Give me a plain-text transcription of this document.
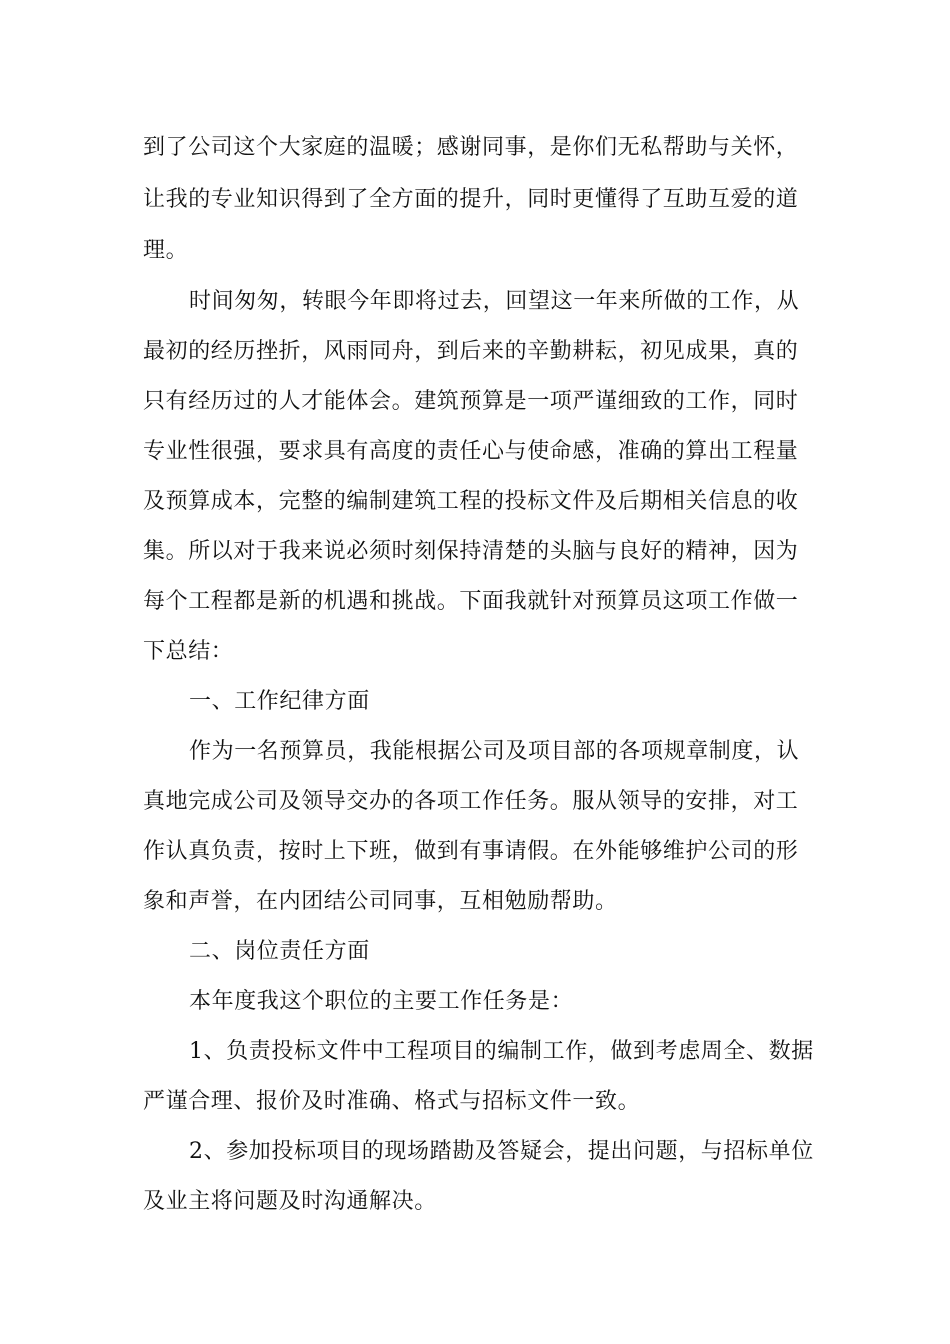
到了公司这个大家庭的温暖；感谢同事，是你们无私帮助与关怀，
让我的专业知识得到了全方面的提升，同时更懂得了互助互爱的道
理。
时间匆匆，转眼今年即将过去，回望这一年来所做的工作，从
最初的经历挫折，风雨同舟，到后来的辛勤耕耘，初见成果，真的
只有经历过的人才能体会。建筑预算是一项严谨细致的工作，同时
专业性很强，要求具有高度的责任心与使命感，准确的算出工程量
及预算成本，完整的编制建筑工程的投标文件及后期相关信息的收
集。所以对于我来说必须时刻保持清楚的头脑与良好的精神，因为
每个工程都是新的机遇和挑战。下面我就针对预算员这项工作做一
下总结：
一、工作纪律方面
作为一名预算员，我能根据公司及项目部的各项规章制度，认
真地完成公司及领导交办的各项工作任务。服从领导的安排，对工
作认真负责，按时上下班，做到有事请假。在外能够维护公司的形
象和声誉，在内团结公司同事，互相勉励帮助。
二、岗位责任方面
本年度我这个职位的主要工作任务是：
1、负责投标文件中工程项目的编制工作，做到考虑周全、数据
严谨合理、报价及时准确、格式与招标文件一致。
2、参加投标项目的现场踏勘及答疑会，提出问题，与招标单位
及业主将问题及时沟通解决。
